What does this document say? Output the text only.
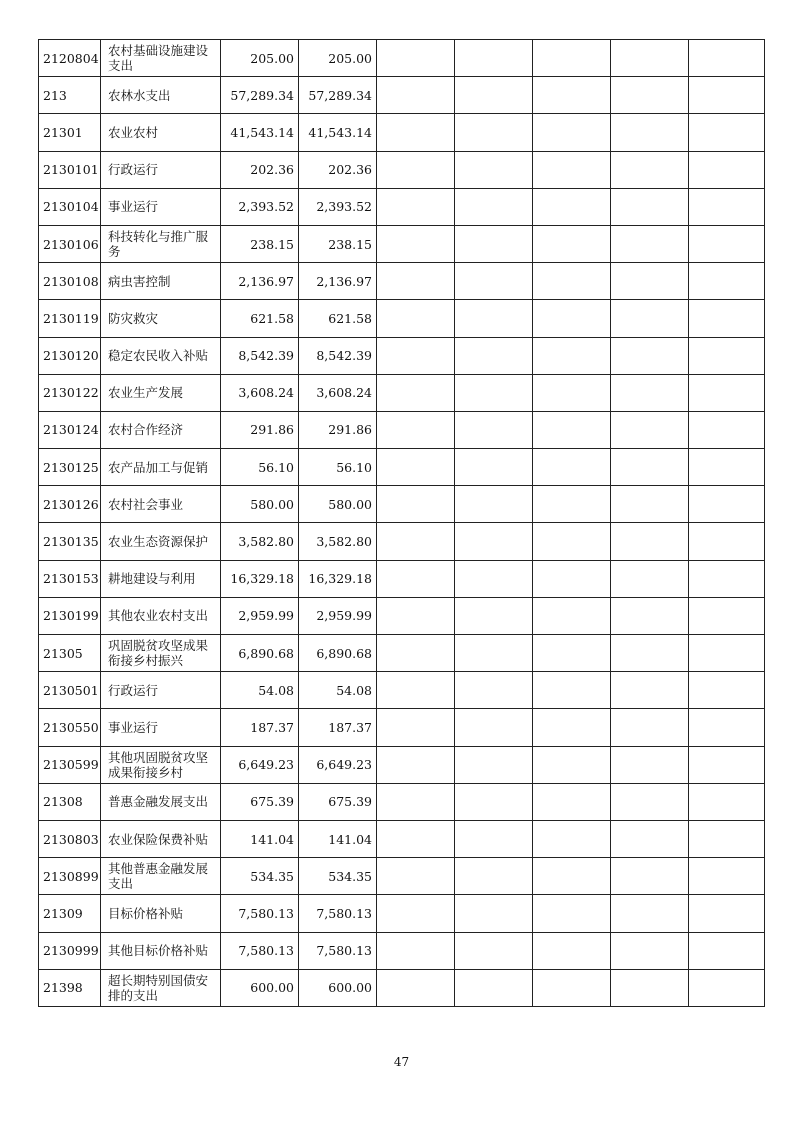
2120804	农村基础设施建设支出	205.00	205.00					
213	农林水支出	57,289.34	57,289.34					
21301	农业农村	41,543.14	41,543.14					
2130101	行政运行	202.36	202.36					
2130104	事业运行	2,393.52	2,393.52					
2130106	科技转化与推广服务	238.15	238.15					
2130108	病虫害控制	2,136.97	2,136.97					
2130119	防灾救灾	621.58	621.58					
2130120	稳定农民收入补贴	8,542.39	8,542.39					
2130122	农业生产发展	3,608.24	3,608.24					
2130124	农村合作经济	291.86	291.86					
2130125	农产品加工与促销	56.10	56.10					
2130126	农村社会事业	580.00	580.00					
2130135	农业生态资源保护	3,582.80	3,582.80					
2130153	耕地建设与利用	16,329.18	16,329.18					
2130199	其他农业农村支出	2,959.99	2,959.99					
21305	巩固脱贫攻坚成果衔接乡村振兴	6,890.68	6,890.68					
2130501	行政运行	54.08	54.08					
2130550	事业运行	187.37	187.37					
2130599	其他巩固脱贫攻坚成果衔接乡村	6,649.23	6,649.23					
21308	普惠金融发展支出	675.39	675.39					
2130803	农业保险保费补贴	141.04	141.04					
2130899	其他普惠金融发展支出	534.35	534.35					
21309	目标价格补贴	7,580.13	7,580.13					
2130999	其他目标价格补贴	7,580.13	7,580.13					
21398	超长期特别国债安排的支出	600.00	600.00					
47
